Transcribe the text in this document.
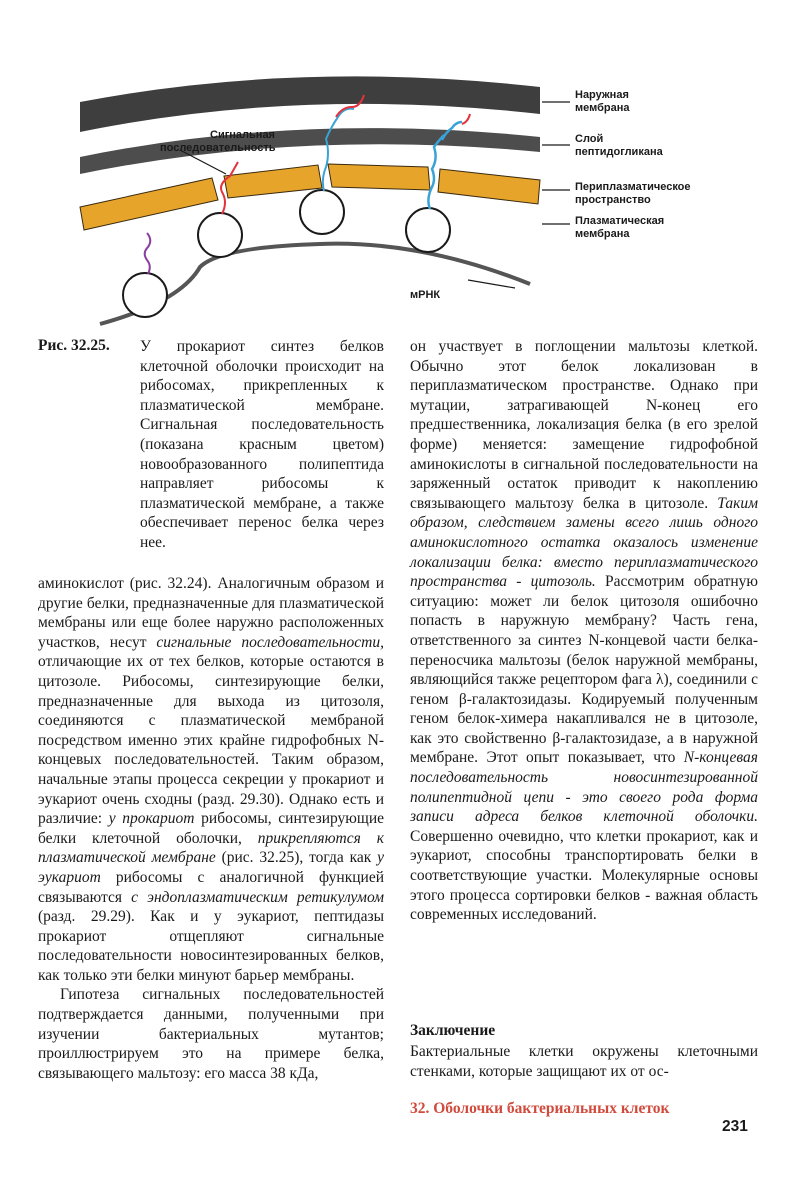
Наружная мембрана
Слой пептидогликана
Периплазматическое пространство
Плазматическая мембрана
Сигнальная последовательность
мРНК
Рис. 32.25. У прокариот синтез белков клеточной оболочки происходит на рибосомах, прикрепленных к плазматической мембране. Сигнальная последовательность (показана красным цветом) новообразованного полипептида направляет рибосомы к плазматической мембране, а также обеспечивает перенос белка через нее.

аминокислот (рис. 32.24). Аналогичным образом и другие белки, предназначенные для плазматической мембраны или еще более наружно расположенных участков, несут сигнальные последовательности, отличающие их от тех белков, которые остаются в цитозоле. Рибосомы, синтезирующие белки, предназначенные для выхода из цитозоля, соединяются с плазматической мембраной посредством именно этих крайне гидрофобных N-концевых последовательностей. Таким образом, начальные этапы процесса секреции у прокариот и эукариот очень сходны (разд. 29.30). Однако есть и различие: у прокариот рибосомы, синтезирующие белки клеточной оболочки, прикрепляются к плазматической мембране (рис. 32.25), тогда как у эукариот рибосомы с аналогичной функцией связываются с эндоплазматическим ретикулумом (разд. 29.29). Как и у эукариот, пептидазы прокариот отщепляют сигнальные последовательности новосинтезированных белков, как только эти белки минуют барьер мембраны.

Гипотеза сигнальных последовательностей подтверждается данными, полученными при изучении бактериальных мутантов; проиллюстрируем это на примере белка, связывающего мальтозу: его масса 38 кДа,

он участвует в поглощении мальтозы клеткой. Обычно этот белок локализован в периплазматическом пространстве. Однако при мутации, затрагивающей N-конец его предшественника, локализация белка (в его зрелой форме) меняется: замещение гидрофобной аминокислоты в сигнальной последовательности на заряженный остаток приводит к накоплению связывающего мальтозу белка в цитозоле. Таким образом, следствием замены всего лишь одного аминокислотного остатка оказалось изменение локализации белка: вместо периплазматического пространства - цитозоль. Рассмотрим обратную ситуацию: может ли белок цитозоля ошибочно попасть в наружную мембрану? Часть гена, ответственного за синтез N-концевой части белка-переносчика мальтозы (белок наружной мембраны, являющийся также рецептором фага λ), соединили с геном β-галактозидазы. Кодируемый полученным геном белок-химера накапливался не в цитозоле, как это свойственно β-галактозидазе, а в наружной мембране. Этот опыт показывает, что N-концевая последовательность новосинтезированной полипептидной цепи - это своего рода форма записи адреса белков клеточной оболочки. Совершенно очевидно, что клетки прокариот, как и эукариот, способны транспортировать белки в соответствующие участки. Молекулярные основы этого процесса сортировки белков - важная область современных исследований.

Заключение
Бактериальные клетки окружены клеточными стенками, которые защищают их от ос-
32. Оболочки бактериальных клеток
231
